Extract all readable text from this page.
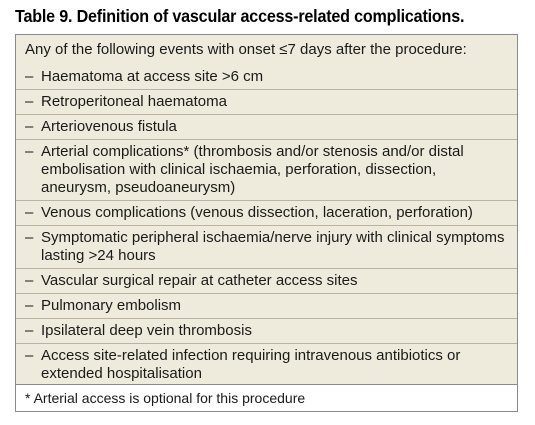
Table 9. Definition of vascular access-related complications.
Any of the following events with onset ≤7 days after the procedure:
– Haematoma at access site >6 cm
– Retroperitoneal haematoma
– Arteriovenous fistula
– Arterial complications* (thrombosis and/or stenosis and/or distal embolisation with clinical ischaemia, perforation, dissection, aneurysm, pseudoaneurysm)
– Venous complications (venous dissection, laceration, perforation)
– Symptomatic peripheral ischaemia/nerve injury with clinical symptoms lasting >24 hours
– Vascular surgical repair at catheter access sites
– Pulmonary embolism
– Ipsilateral deep vein thrombosis
– Access site-related infection requiring intravenous antibiotics or extended hospitalisation
* Arterial access is optional for this procedure
